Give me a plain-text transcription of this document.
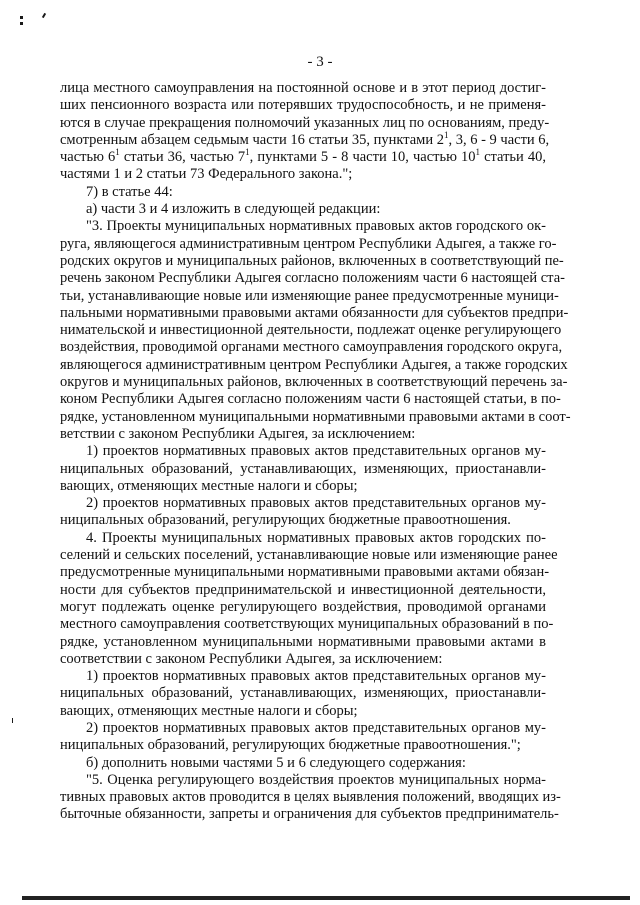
- 3 -
лица местного самоуправления на постоянной основе и в этот период достиг-
ших пенсионного возраста или потерявших трудоспособность, и не применя-
ются в случае прекращения полномочий указанных лиц по основаниям, преду-
смотренным абзацем седьмым части 16 статьи 35, пунктами $2^1$, 3, 6 - 9 части 6,
частью $6^1$ статьи 36, частью $7^1$, пунктами 5 - 8 части 10, частью $10^1$ статьи 40,
частями 1 и 2 статьи 73 Федерального закона.";
7) в статье 44:
а) части 3 и 4 изложить в следующей редакции:
"3. Проекты муниципальных нормативных правовых актов городского ок-
руга, являющегося административным центром Республики Адыгея, а также го-
родских округов и муниципальных районов, включенных в соответствующий пе-
речень законом Республики Адыгея согласно положениям части 6 настоящей ста-
тьи, устанавливающие новые или изменяющие ранее предусмотренные муници-
пальными нормативными правовыми актами обязанности для субъектов предпри-
нимательской и инвестиционной деятельности, подлежат оценке регулирующего
воздействия, проводимой органами местного самоуправления городского округа,
являющегося административным центром Республики Адыгея, а также городских
округов и муниципальных районов, включенных в соответствующий перечень за-
коном Республики Адыгея согласно положениям части 6 настоящей статьи, в по-
рядке, установленном муниципальными нормативными правовыми актами в соот-
ветствии с законом Республики Адыгея, за исключением:
1) проектов нормативных правовых актов представительных органов му-
ниципальных образований, устанавливающих, изменяющих, приостанавли-
вающих, отменяющих местные налоги и сборы;
2) проектов нормативных правовых актов представительных органов му-
ниципальных образований, регулирующих бюджетные правоотношения.
4. Проекты муниципальных нормативных правовых актов городских по-
селений и сельских поселений, устанавливающие новые или изменяющие ранее
предусмотренные муниципальными нормативными правовыми актами обязан-
ности для субъектов предпринимательской и инвестиционной деятельности,
могут подлежать оценке регулирующего воздействия, проводимой органами
местного самоуправления соответствующих муниципальных образований в по-
рядке, установленном муниципальными нормативными правовыми актами в
соответствии с законом Республики Адыгея, за исключением:
1) проектов нормативных правовых актов представительных органов му-
ниципальных образований, устанавливающих, изменяющих, приостанавли-
вающих, отменяющих местные налоги и сборы;
2) проектов нормативных правовых актов представительных органов му-
ниципальных образований, регулирующих бюджетные правоотношения.";
б) дополнить новыми частями 5 и 6 следующего содержания:
"5. Оценка регулирующего воздействия проектов муниципальных норма-
тивных правовых актов проводится в целях выявления положений, вводящих из-
быточные обязанности, запреты и ограничения для субъектов предприниматель-
